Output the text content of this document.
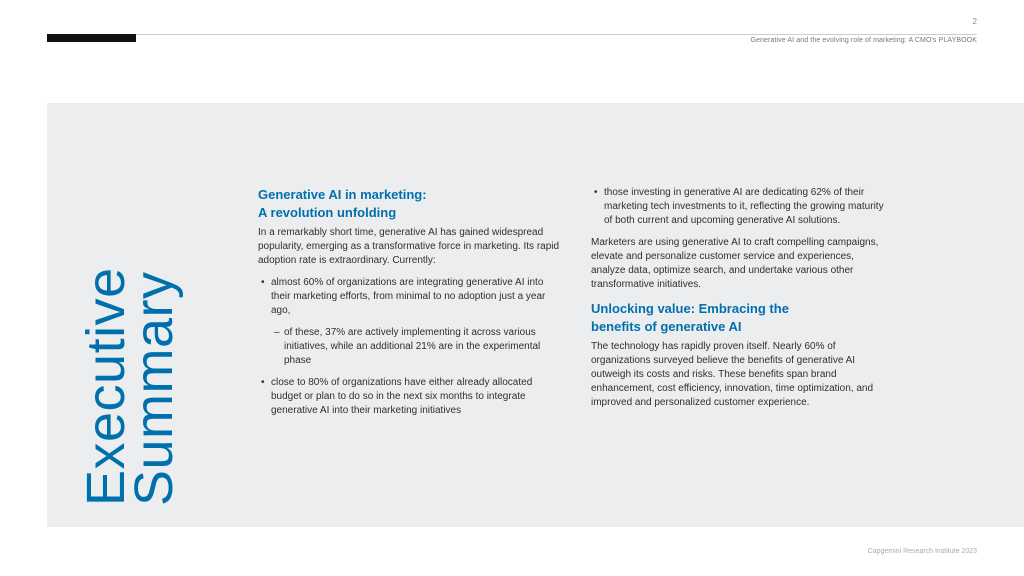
2
Generative AI and the evolving role of marketing: A CMO's PLAYBOOK
Executive
Summary
Generative AI in marketing:
A revolution unfolding

In a remarkably short time, generative AI has gained widespread popularity, emerging as a transformative force in marketing. Its rapid adoption rate is extraordinary. Currently:

• almost 60% of organizations are integrating generative AI into their marketing efforts, from minimal to no adoption just a year ago,
– of these, 37% are actively implementing it across various initiatives, while an additional 21% are in the experimental phase
• close to 80% of organizations have either already allocated budget or plan to do so in the next six months to integrate generative AI into their marketing initiatives
• those investing in generative AI are dedicating 62% of their marketing tech investments to it, reflecting the growing maturity of both current and upcoming generative AI solutions.

Marketers are using generative AI to craft compelling campaigns, elevate and personalize customer service and experiences, analyze data, optimize search, and undertake various other transformative initiatives.

Unlocking value: Embracing the
benefits of generative AI

The technology has rapidly proven itself. Nearly 60% of organizations surveyed believe the benefits of generative AI outweigh its costs and risks. These benefits span brand enhancement, cost efficiency, innovation, time optimization, and improved and personalized customer experience.

Capgemini Research Institute 2023
